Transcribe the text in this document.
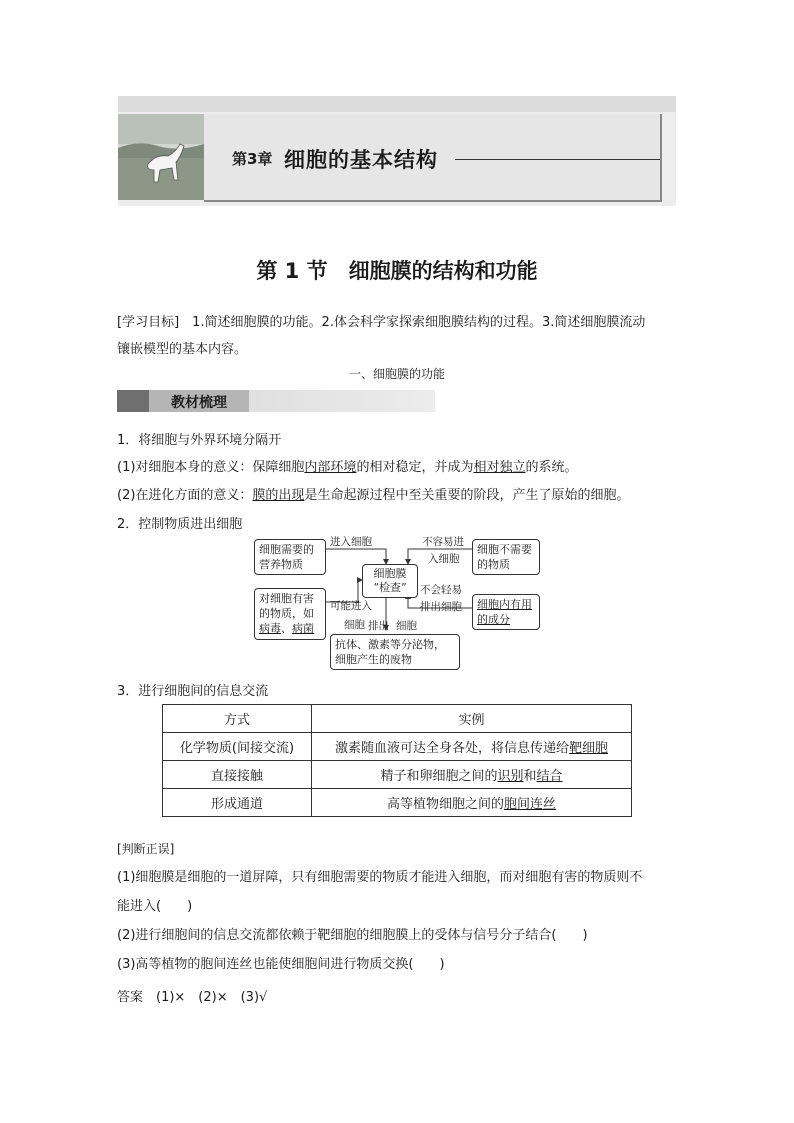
第3章 细胞的基本结构
第 1 节　细胞膜的结构和功能
[学习目标]　1.简述细胞膜的功能。2.体会科学家探索细胞膜结构的过程。3.简述细胞膜流动
镶嵌模型的基本内容。
一、细胞膜的功能
教材梳理
1．将细胞与外界环境分隔开
(1)对细胞本身的意义：保障细胞内部环境的相对稳定，并成为相对独立的系统。
(2)在进化方面的意义：膜的出现是生命起源过程中至关重要的阶段，产生了原始的细胞。
2．控制物质进出细胞
细胞需要的营养物质
细胞不需要的物质
细胞膜
“检查”
对细胞有害的物质，如病毒、病菌
细胞内有用的成分
抗体、激素等分泌物，细胞产生的废物
进入细胞	不容易进
入细胞
可能进入
细胞
不会轻易
排出细胞
排出 细胞
3．进行细胞间的信息交流
方式	实例
化学物质(间接交流)	激素随血液可达全身各处，将信息传递给靶细胞
直接接触	精子和卵细胞之间的识别和结合
形成通道	高等植物细胞之间的胞间连丝
[判断正误]
(1)细胞膜是细胞的一道屏障，只有细胞需要的物质才能进入细胞，而对细胞有害的物质则不
能进入(　　)
(2)进行细胞间的信息交流都依赖于靶细胞的细胞膜上的受体与信号分子结合(　　)
(3)高等植物的胞间连丝也能使细胞间进行物质交换(　　)
答案　(1)×　(2)×　(3)√
